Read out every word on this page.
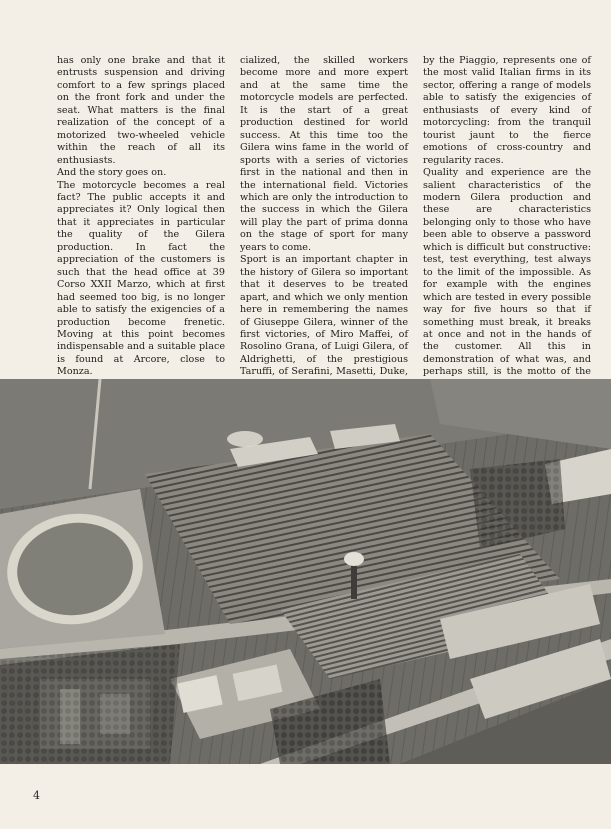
has only one brake and that it entrusts suspension and driving comfort to a few springs placed on the front fork and under the seat. What matters is the final realization of the concept of a motorized two-wheeled vehicle within the reach of all its enthusiasts.

And the story goes on.

The motorcycle becomes a real fact? The public accepts it and appreciates it? Only logical then that it appreciates in particular the quality of the Gilera production. In fact the appreciation of the customers is such that the head office at 39 Corso XXII Marzo, which at first had seemed too big, is no longer able to satisfy the exigencies of a production become frenetic. Moving at this point becomes indispensable and a suitable place is found at Arcore, close to Monza.

cialized, the skilled workers become more and more expert and at the same time the motorcycle models are perfected. It is the start of a great production destined for world success. At this time too the Gilera wins fame in the world of sports with a series of victories first in the national and then in the international field. Victories which are only the introduction to the success in which the Gilera will play the part of prima donna on the stage of sport for many years to come.

Sport is an important chapter in the history of Gilera so important that it deserves to be treated apart, and which we only mention here in remembering the names of Giuseppe Gilera, winner of the first victories, of Miro Maffei, of Rosolino Grana, of Luigi Gilera, of Aldrighetti, of the prestigious Taruffi, of Serafini, Masetti, Duke,

by the Piaggio, represents one of the most valid Italian firms in its sector, offering a range of models able to satisfy the exigencies of enthusiasts of every kind of motorcycling: from the tranquil tourist jaunt to the fierce emotions of cross-country and regularity races.

Quality and experience are the salient characteristics of the modern Gilera production and these are characteristics belonging only to those who have been able to observe a password which is difficult but constructive: test, test everything, test always to the limit of the impossible. As for example with the engines which are tested in every possible way for five hours so that if something must break, it breaks at once and not in the hands of the customer. All this in demonstration of what was, and perhaps still, is the motto of the

4
